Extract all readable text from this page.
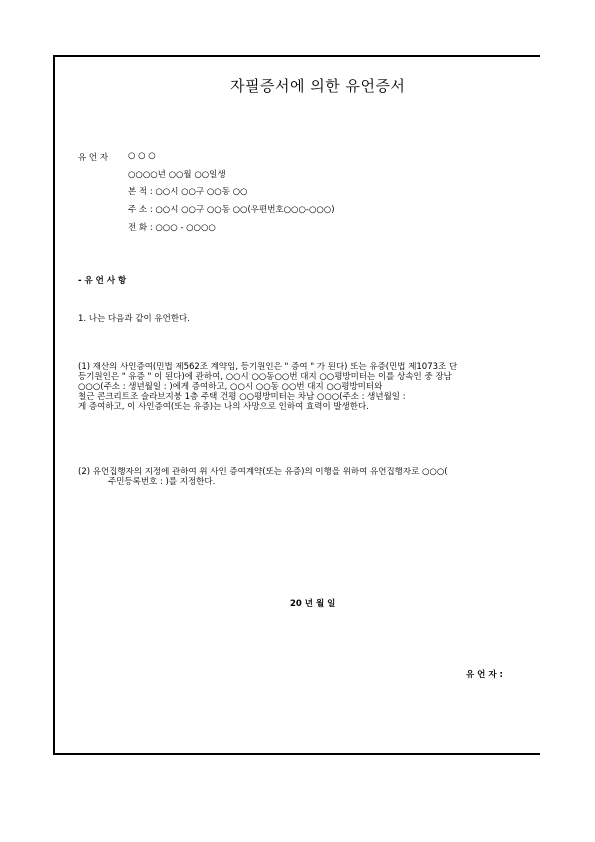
자필증서에 의한 유언증서
유 언 자 ○ ○ ○
○○○○년 ○○월 ○○일생
본 적 : ○○시 ○○구 ○○동 ○○
주 소 : ○○시 ○○구 ○○동 ○○(우편번호○○○-○○○)
전 화 : ○○○ - ○○○○
- 유 언 사 항
1. 나는 다음과 같이 유언한다.
(1) 재산의 사인증여(민법 제562조 계약임, 등기원인은 " 증여 " 가 된다) 또는 유증(민법 제1073조 단
등기원인은 " 유증 " 이 된다)에 관하여, ○○시 ○○동○○번 대지 ○○평방미터는 이를 상속인 중 장남
○○○(주소 : 생년월일 : )에게 증여하고, ○○시 ○○동 ○○번 대지 ○○평방미터와
철근 콘크리트조 슬라브지붕 1층 주택 건평 ○○평방미터는 차남 ○○○(주소 : 생년월일 :
게 증여하고, 이 사인증여(또는 유증)는 나의 사망으로 인하여 효력이 발생한다.
(2) 유언집행자의 지정에 관하여 위 사인 증여계약(또는 유증)의 이행을 위하여 유언집행자로 ○○○(
주민등록번호 : )를 지정한다.
20 년 월 일
유 언 자 :
